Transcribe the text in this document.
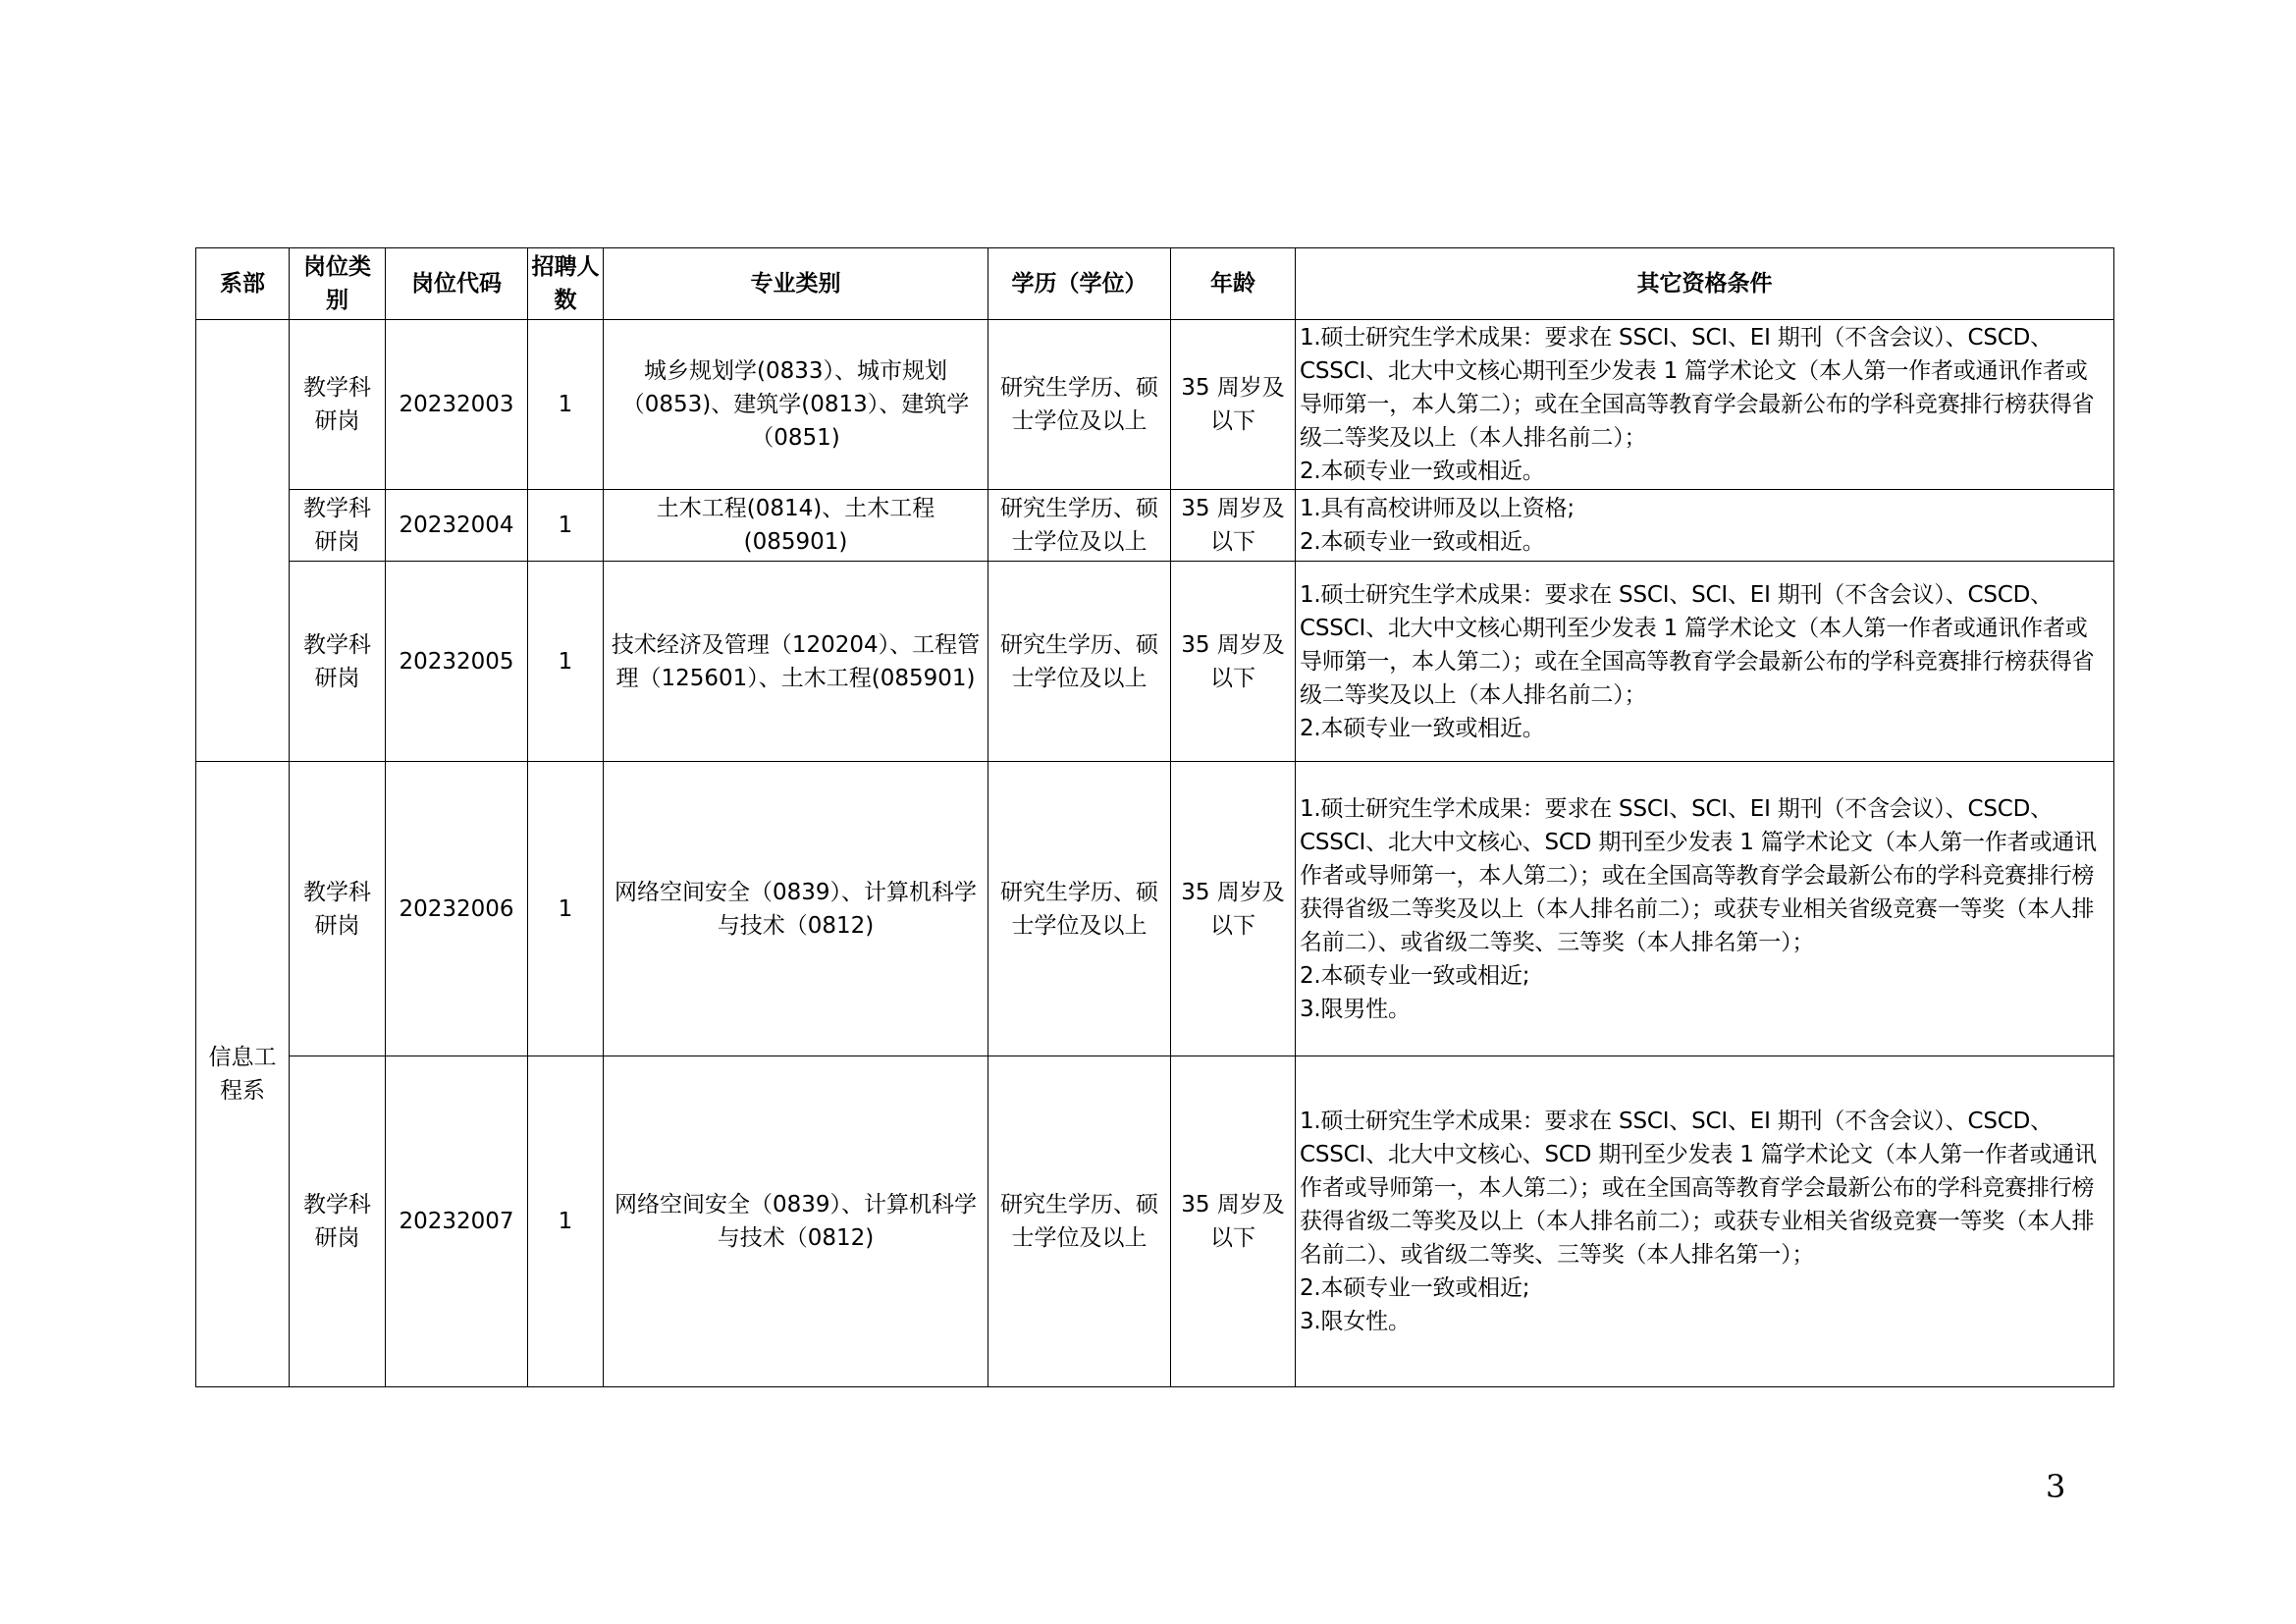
系部	岗位类别	岗位代码	招聘人数	专业类别	学历（学位）	年龄	其它资格条件
	教学科研岗	20232003	1	城乡规划学(0833）、城市规划（0853)、建筑学(0813）、建筑学（0851)	研究生学历、硕士学位及以上	35 周岁及以下	1.硕士研究生学术成果：要求在 SSCI、SCI、EI 期刊（不含会议）、CSCD、CSSCI、北大中文核心期刊至少发表 1 篇学术论文（本人第一作者或通讯作者或导师第一，本人第二）；或在全国高等教育学会最新公布的学科竞赛排行榜获得省级二等奖及以上（本人排名前二）；
2.本硕专业一致或相近。

	教学科研岗	20232004	1	土木工程(0814)、土木工程(085901)	研究生学历、硕士学位及以上	35 周岁及以下	1.具有高校讲师及以上资格;
2.本硕专业一致或相近。

	教学科研岗	20232005	1	技术经济及管理（120204）、工程管理（125601）、土木工程(085901)	研究生学历、硕士学位及以上	35 周岁及以下	1.硕士研究生学术成果：要求在 SSCI、SCI、EI 期刊（不含会议）、CSCD、CSSCI、北大中文核心期刊至少发表 1 篇学术论文（本人第一作者或通讯作者或导师第一，本人第二）；或在全国高等教育学会最新公布的学科竞赛排行榜获得省级二等奖及以上（本人排名前二）；
2.本硕专业一致或相近。

信息工程系	教学科研岗	20232006	1	网络空间安全（0839）、计算机科学与技术（0812)	研究生学历、硕士学位及以上	35 周岁及以下	1.硕士研究生学术成果：要求在 SSCI、SCI、EI 期刊（不含会议）、CSCD、CSSCI、北大中文核心、SCD 期刊至少发表 1 篇学术论文（本人第一作者或通讯作者或导师第一，本人第二）；或在全国高等教育学会最新公布的学科竞赛排行榜获得省级二等奖及以上（本人排名前二）；或获专业相关省级竞赛一等奖（本人排名前二）、或省级二等奖、三等奖（本人排名第一）；
2.本硕专业一致或相近;
3.限男性。

	教学科研岗	20232007	1	网络空间安全（0839）、计算机科学与技术（0812)	研究生学历、硕士学位及以上	35 周岁及以下	1.硕士研究生学术成果：要求在 SSCI、SCI、EI 期刊（不含会议）、CSCD、CSSCI、北大中文核心、SCD 期刊至少发表 1 篇学术论文（本人第一作者或通讯作者或导师第一，本人第二）；或在全国高等教育学会最新公布的学科竞赛排行榜获得省级二等奖及以上（本人排名前二）；或获专业相关省级竞赛一等奖（本人排名前二）、或省级二等奖、三等奖（本人排名第一）；
2.本硕专业一致或相近;
3.限女性。
3
